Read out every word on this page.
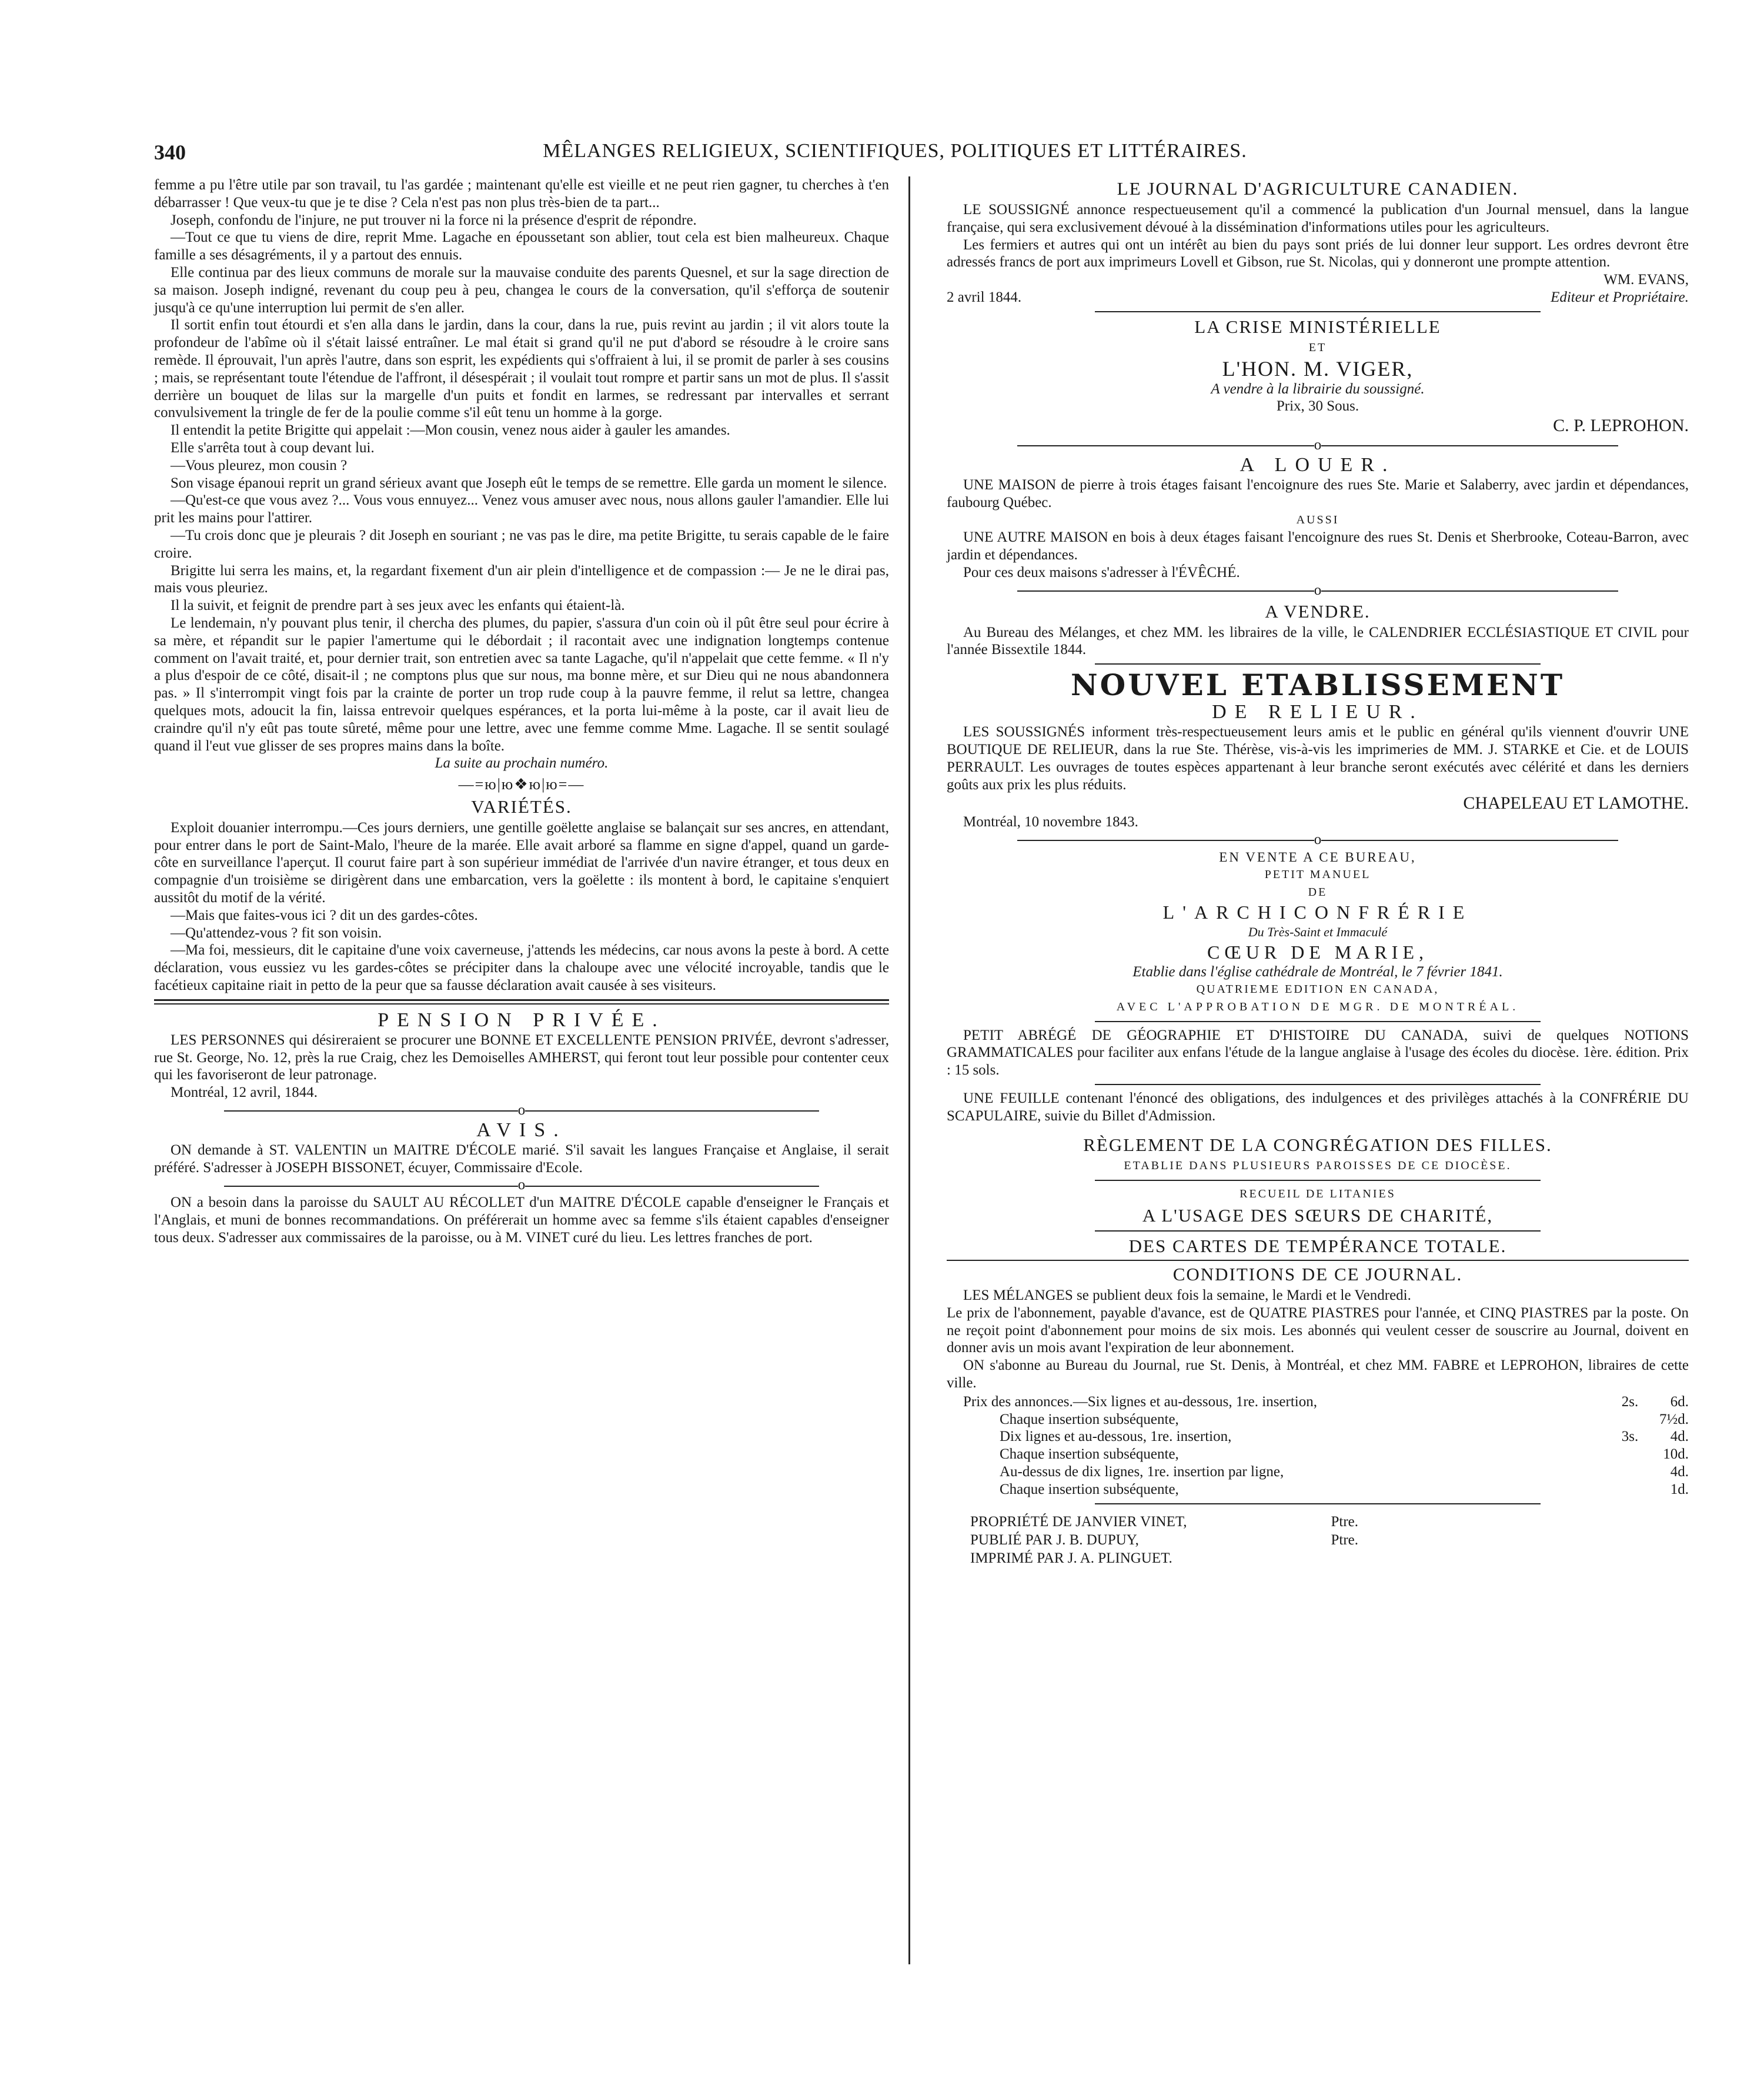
340	MÊLANGES RELIGIEUX, SCIENTIFIQUES, POLITIQUES ET LITTÉRAIRES.

femme a pu l'être utile par son travail, tu l'as gardée ; maintenant qu'elle est vieille et ne peut rien gagner, tu cherches à t'en débarrasser ! Que veux-tu que je te dise ? Cela n'est pas non plus très-bien de ta part...

Joseph, confondu de l'injure, ne put trouver ni la force ni la présence d'esprit de répondre.

—Tout ce que tu viens de dire, reprit Mme. Lagache en époussetant son ablier, tout cela est bien malheureux. Chaque famille a ses désagréments, il y a partout des ennuis.

Elle continua par des lieux communs de morale sur la mauvaise conduite des parents Quesnel, et sur la sage direction de sa maison. Joseph indigné, revenant du coup peu à peu, changea le cours de la conversation, qu'il s'efforça de soutenir jusqu'à ce qu'une interruption lui permit de s'en aller.

Il sortit enfin tout étourdi et s'en alla dans le jardin, dans la cour, dans la rue, puis revint au jardin ; il vit alors toute la profondeur de l'abîme où il s'était laissé entraîner. Le mal était si grand qu'il ne put d'abord se résoudre à le croire sans remède. Il éprouvait, l'un après l'autre, dans son esprit, les expédients qui s'offraient à lui, il se promit de parler à ses cousins ; mais, se représentant toute l'étendue de l'affront, il désespérait ; il voulait tout rompre et partir sans un mot de plus. Il s'assit derrière un bouquet de lilas sur la margelle d'un puits et fondit en larmes, se redressant par intervalles et serrant convulsivement la tringle de fer de la poulie comme s'il eût tenu un homme à la gorge.

Il entendit la petite Brigitte qui appelait :—Mon cousin, venez nous aider à gauler les amandes.

Elle s'arrêta tout à coup devant lui.

—Vous pleurez, mon cousin ?

Son visage épanoui reprit un grand sérieux avant que Joseph eût le temps de se remettre. Elle garda un moment le silence.

—Qu'est-ce que vous avez ?... Vous vous ennuyez... Venez vous amuser avec nous, nous allons gauler l'amandier. Elle lui prit les mains pour l'attirer.

—Tu crois donc que je pleurais ? dit Joseph en souriant ; ne vas pas le dire, ma petite Brigitte, tu serais capable de le faire croire.

Brigitte lui serra les mains, et, la regardant fixement d'un air plein d'intelligence et de compassion :— Je ne le dirai pas, mais vous pleuriez.

Il la suivit, et feignit de prendre part à ses jeux avec les enfants qui étaient-là.

Le lendemain, n'y pouvant plus tenir, il chercha des plumes, du papier, s'assura d'un coin où il pût être seul pour écrire à sa mère, et répandit sur le papier l'amertume qui le débordait ; il racontait avec une indignation longtemps contenue comment on l'avait traité, et, pour dernier trait, son entretien avec sa tante Lagache, qu'il n'appelait que cette femme. « Il n'y a plus d'espoir de ce côté, disait-il ; ne comptons plus que sur nous, ma bonne mère, et sur Dieu qui ne nous abandonnera pas. » Il s'interrompit vingt fois par la crainte de porter un trop rude coup à la pauvre femme, il relut sa lettre, changea quelques mots, adoucit la fin, laissa entrevoir quelques espérances, et la porta lui-même à la poste, car il avait lieu de craindre qu'il n'y eût pas toute sûreté, même pour une lettre, avec une femme comme Mme. Lagache. Il se sentit soulagé quand il l'eut vue glisser de ses propres mains dans la boîte.

La suite au prochain numéro.

—=ю|ю❖ю|ю=—
VARIÉTÉS.

Exploit douanier interrompu.—Ces jours derniers, une gentille goëlette anglaise se balançait sur ses ancres, en attendant, pour entrer dans le port de Saint-Malo, l'heure de la marée. Elle avait arboré sa flamme en signe d'appel, quand un garde-côte en surveillance l'aperçut. Il courut faire part à son supérieur immédiat de l'arrivée d'un navire étranger, et tous deux en compagnie d'un troisième se dirigèrent dans une embarcation, vers la goëlette : ils montent à bord, le capitaine s'enquiert aussitôt du motif de la vérité.

—Mais que faites-vous ici ? dit un des gardes-côtes.

—Qu'attendez-vous ? fit son voisin.

—Ma foi, messieurs, dit le capitaine d'une voix caverneuse, j'attends les médecins, car nous avons la peste à bord. A cette déclaration, vous eussiez vu les gardes-côtes se précipiter dans la chaloupe avec une vélocité incroyable, tandis que le facétieux capitaine riait in petto de la peur que sa fausse déclaration avait causée à ses visiteurs.

PENSION PRIVÉE.

LES PERSONNES qui désireraient se procurer une BONNE ET EXCELLENTE PENSION PRIVÉE, devront s'adresser, rue St. George, No. 12, près la rue Craig, chez les Demoiselles AMHERST, qui feront tout leur possible pour contenter ceux qui les favoriseront de leur patronage.

Montréal, 12 avril, 1844.

o
AVIS.

ON demande à ST. VALENTIN un MAITRE D'ÉCOLE marié. S'il savait les langues Française et Anglaise, il serait préféré. S'adresser à JOSEPH BISSONET, écuyer, Commissaire d'Ecole.

o

ON a besoin dans la paroisse du SAULT AU RÉCOLLET d'un MAITRE D'ÉCOLE capable d'enseigner le Français et l'Anglais, et muni de bonnes recommandations. On préférerait un homme avec sa femme s'ils étaient capables d'enseigner tous deux. S'adresser aux commissaires de la paroisse, ou à M. VINET curé du lieu. Les lettres franches de port.

LE JOURNAL D'AGRICULTURE CANADIEN.

LE SOUSSIGNÉ annonce respectueusement qu'il a commencé la publication d'un Journal mensuel, dans la langue française, qui sera exclusivement dévoué à la dissémination d'informations utiles pour les agriculteurs.

Les fermiers et autres qui ont un intérêt au bien du pays sont priés de lui donner leur support. Les ordres devront être adressés francs de port aux imprimeurs Lovell et Gibson, rue St. Nicolas, qui y donneront une prompte attention.

WM. EVANS,

2 avril 1844.	Editeur et Propriétaire.
LA CRISE MINISTÉRIELLE
ET
L'HON. M. VIGER,

A vendre à la librairie du soussigné.

Prix, 30 Sous.

C. P. LEPROHON.

o
A LOUER.

UNE MAISON de pierre à trois étages faisant l'encoignure des rues Ste. Marie et Salaberry, avec jardin et dépendances, faubourg Québec.

AUSSI

UNE AUTRE MAISON en bois à deux étages faisant l'encoignure des rues St. Denis et Sherbrooke, Coteau-Barron, avec jardin et dépendances.

Pour ces deux maisons s'adresser à l'ÉVÊCHÉ.

o
A VENDRE.

Au Bureau des Mélanges, et chez MM. les libraires de la ville, le CALENDRIER ECCLÉSIASTIQUE ET CIVIL pour l'année Bissextile 1844.

NOUVEL ETABLISSEMENT
DE RELIEUR.

LES SOUSSIGNÉS informent très-respectueusement leurs amis et le public en général qu'ils viennent d'ouvrir UNE BOUTIQUE DE RELIEUR, dans la rue Ste. Thérèse, vis-à-vis les imprimeries de MM. J. STARKE et Cie. et de LOUIS PERRAULT. Les ouvrages de toutes espèces appartenant à leur branche seront exécutés avec célérité et dans les derniers goûts aux prix les plus réduits.

CHAPELEAU ET LAMOTHE.

Montréal, 10 novembre 1843.

o
EN VENTE A CE BUREAU,
PETIT MANUEL
DE
L'ARCHICONFRÉRIE

Du Très-Saint et Immaculé

CŒUR DE MARIE,

Etablie dans l'église cathédrale de Montréal, le 7 février 1841.

QUATRIEME EDITION EN CANADA,
AVEC L'APPROBATION DE MGR. DE MONTRÉAL.

PETIT ABRÉGÉ DE GÉOGRAPHIE ET D'HISTOIRE DU CANADA, suivi de quelques NOTIONS GRAMMATICALES pour faciliter aux enfans l'étude de la langue anglaise à l'usage des écoles du diocèse. 1ère. édition. Prix : 15 sols.

UNE FEUILLE contenant l'énoncé des obligations, des indulgences et des privilèges attachés à la CONFRÉRIE DU SCAPULAIRE, suivie du Billet d'Admission.

RÈGLEMENT DE LA CONGRÉGATION DES FILLES.
ETABLIE DANS PLUSIEURS PAROISSES DE CE DIOCÈSE.
RECUEIL DE LITANIES
A L'USAGE DES SŒURS DE CHARITÉ,
DES CARTES DE TEMPÉRANCE TOTALE.
CONDITIONS DE CE JOURNAL.

LES MÉLANGES se publient deux fois la semaine, le Mardi et le Vendredi.

Le prix de l'abonnement, payable d'avance, est de QUATRE PIASTRES pour l'année, et CINQ PIASTRES par la poste. On ne reçoit point d'abonnement pour moins de six mois. Les abonnés qui veulent cesser de souscrire au Journal, doivent en donner avis un mois avant l'expiration de leur abonnement.

ON s'abonne au Bureau du Journal, rue St. Denis, à Montréal, et chez MM. FABRE et LEPROHON, libraires de cette ville.

Prix des annonces.—Six lignes et au-dessous, 1re. insertion,	2s.	6d.
Chaque insertion subséquente,	7½d.
Dix lignes et au-dessous, 1re. insertion,	3s.	4d.
Chaque insertion subséquente,	10d.
Au-dessus de dix lignes, 1re. insertion par ligne,	4d.
Chaque insertion subséquente,	1d.
PROPRIÉTÉ DE JANVIER VINET,	Ptre.
PUBLIÉ PAR J. B. DUPUY,	Ptre.
IMPRIMÉ PAR J. A. PLINGUET.
